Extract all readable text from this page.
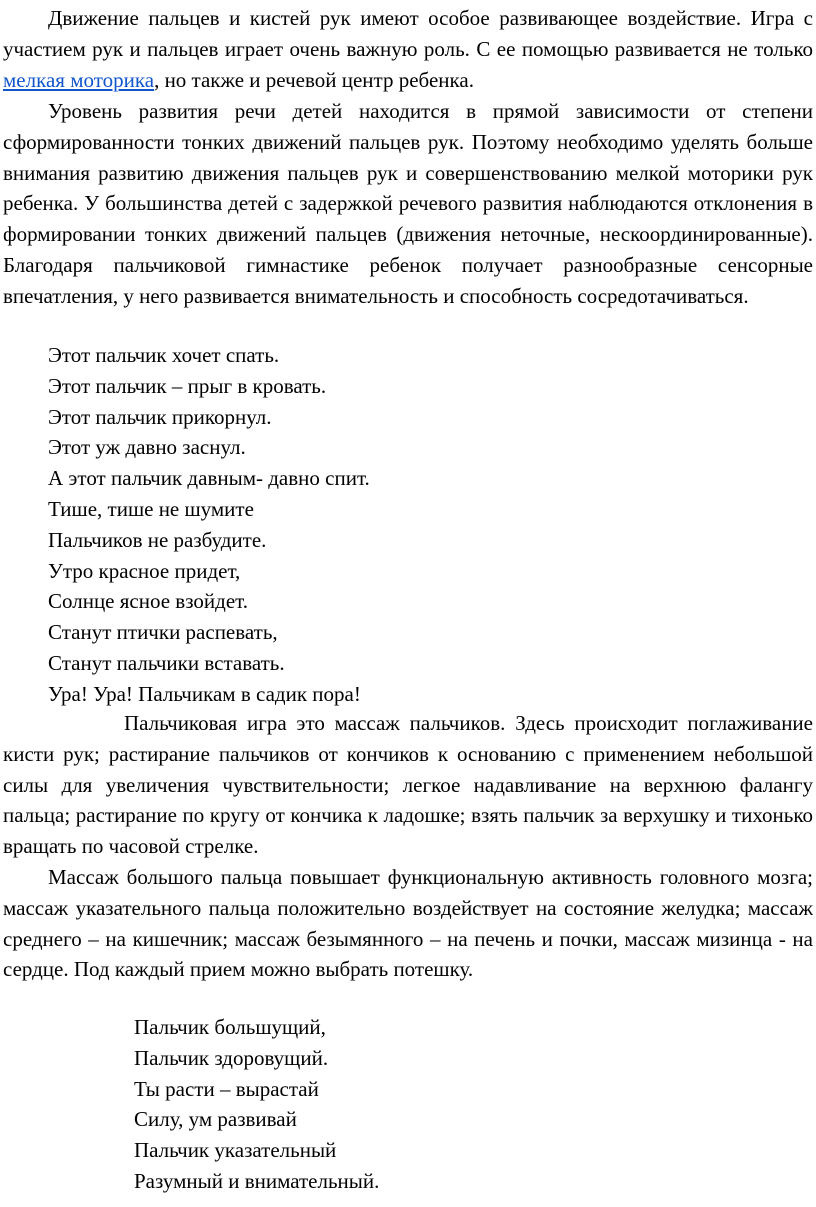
Движение пальцев и кистей рук имеют особое развивающее воздействие. Игра с участием рук и пальцев играет очень важную роль. С ее помощью развивается не только мелкая моторика, но также и речевой центр ребенка.

Уровень развития речи детей находится в прямой зависимости от степени сформированности тонких движений пальцев рук. Поэтому необходимо уделять больше внимания развитию движения пальцев рук и совершенствованию мелкой моторики рук ребенка. У большинства детей с задержкой речевого развития наблюдаются отклонения в формировании тонких движений пальцев (движения неточные, нескоординированные). Благодаря пальчиковой гимнастике ребенок получает разнообразные сенсорные впечатления, у него развивается внимательность и способность сосредотачиваться.

Этот пальчик хочет спать.
Этот пальчик – прыг в кровать.
Этот пальчик прикорнул.
Этот уж давно заснул.
А этот пальчик давным- давно спит.
Тише, тише не шумите
Пальчиков не разбудите.
Утро красное придет,
Солнце ясное взойдет.
Станут птички распевать,
Станут пальчики вставать.
Ура! Ура! Пальчикам в садик пора!

Пальчиковая игра это массаж пальчиков. Здесь происходит поглаживание кисти рук; растирание пальчиков от кончиков к основанию с применением небольшой силы для увеличения чувствительности; легкое надавливание на верхнюю фалангу пальца; растирание по кругу от кончика к ладошке; взять пальчик за верхушку и тихонько вращать по часовой стрелке.

Массаж большого пальца повышает функциональную активность головного мозга; массаж указательного пальца положительно воздействует на состояние желудка; массаж среднего – на кишечник; массаж безымянного – на печень и почки, массаж мизинца - на сердце. Под каждый прием можно выбрать потешку.

Пальчик большущий,
Пальчик здоровущий.
Ты расти – вырастай
Силу, ум развивай
Пальчик указательный
Разумный и внимательный.
